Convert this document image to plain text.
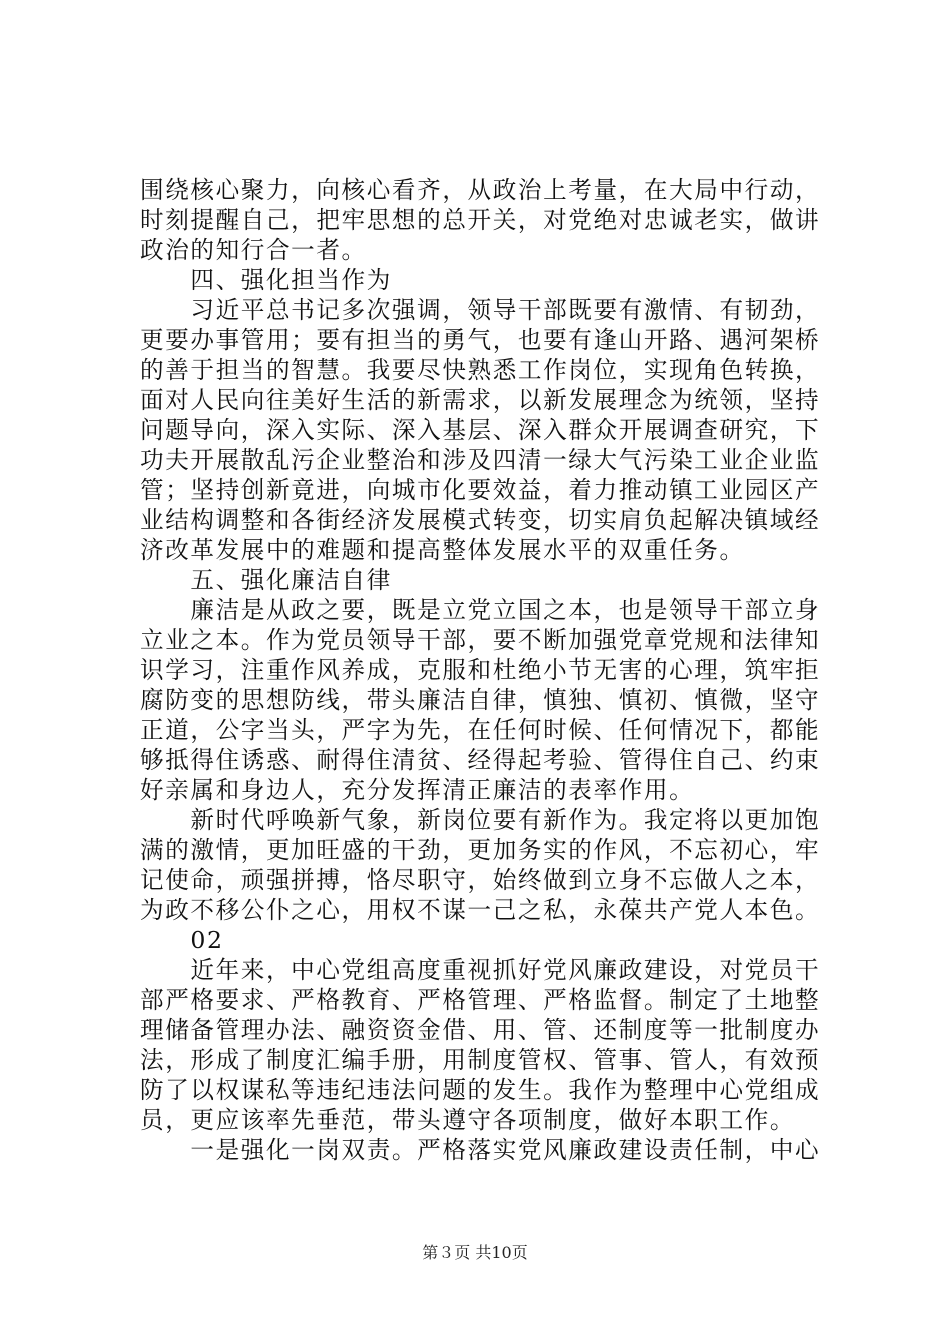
围绕核心聚力，向核心看齐，从政治上考量，在大局中行动，
时刻提醒自己，把牢思想的总开关，对党绝对忠诚老实，做讲
政治的知行合一者。
　　四、强化担当作为
　　习近平总书记多次强调，领导干部既要有激情、有韧劲，
更要办事管用；要有担当的勇气，也要有逢山开路、遇河架桥
的善于担当的智慧。我要尽快熟悉工作岗位，实现角色转换，
面对人民向往美好生活的新需求，以新发展理念为统领，坚持
问题导向，深入实际、深入基层、深入群众开展调查研究，下
功夫开展散乱污企业整治和涉及四清一绿大气污染工业企业监
管；坚持创新竟进，向城市化要效益，着力推动镇工业园区产
业结构调整和各街经济发展模式转变，切实肩负起解决镇域经
济改革发展中的难题和提高整体发展水平的双重任务。
　　五、强化廉洁自律
　　廉洁是从政之要，既是立党立国之本，也是领导干部立身
立业之本。作为党员领导干部，要不断加强党章党规和法律知
识学习，注重作风养成，克服和杜绝小节无害的心理，筑牢拒
腐防变的思想防线，带头廉洁自律，慎独、慎初、慎微，坚守
正道，公字当头，严字为先，在任何时候、任何情况下，都能
够抵得住诱惑、耐得住清贫、经得起考验、管得住自己、约束
好亲属和身边人，充分发挥清正廉洁的表率作用。
　　新时代呼唤新气象，新岗位要有新作为。我定将以更加饱
满的激情，更加旺盛的干劲，更加务实的作风，不忘初心，牢
记使命，顽强拼搏，恪尽职守，始终做到立身不忘做人之本，
为政不移公仆之心，用权不谋一己之私，永葆共产党人本色。
　　02
　　近年来，中心党组高度重视抓好党风廉政建设，对党员干
部严格要求、严格教育、严格管理、严格监督。制定了土地整
理储备管理办法、融资资金借、用、管、还制度等一批制度办
法，形成了制度汇编手册，用制度管权、管事、管人，有效预
防了以权谋私等违纪违法问题的发生。我作为整理中心党组成
员，更应该率先垂范，带头遵守各项制度，做好本职工作。
　　一是强化一岗双责。严格落实党风廉政建设责任制，中心
第３页 共10页
